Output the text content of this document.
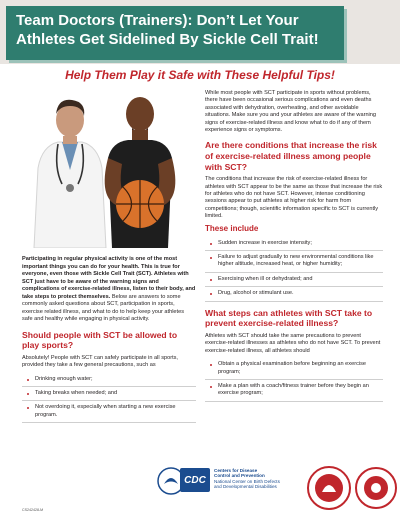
Team Doctors (Trainers): Don’t Let Your
Athletes Get Sidelined By Sickle Cell Trait!
Help Them Play it Safe with These Helpful Tips!

Participating in regular physical activity is one of the most important things you can do for your health. This is true for everyone, even those with Sickle Cell Trait (SCT). Athletes with SCT just have to be aware of the warning signs and complications of exercise-related illness, listen to their body, and take steps to protect themselves. Below are answers to some commonly asked questions about SCT, participation in sports, exercise related illness, and what to do to help keep your athletes safe and healthy while engaging in physical activity.

Should people with SCT be allowed to play sports?

Absolutely! People with SCT can safely participate in all sports, provided they take a few general precautions, such as

Drinking enough water;
Taking breaks when needed; and
Not overdoing it, especially when starting a new exercise program.

While most people with SCT participate in sports without problems, there have been occasional serious complications and even deaths associated with dehydration, overheating, and other avoidable situations. Make sure you and your athletes are aware of the warning signs of exercise-related illness and know what to do if any of them experience signs or symptoms.

Are there conditions that increase the risk of exercise-related illness among people with SCT?

The conditions that increase the risk of exercise-related illness for athletes with SCT appear to be the same as those that increase the risk for athletes who do not have SCT. However, intense conditioning sessions appear to put athletes at higher risk for harm from competitions; though, scientific information specific to SCT is currently limited.

These include
Sudden increase in exercise intensity;
Failure to adjust gradually to new environmental conditions like higher altitude, increased heat, or higher humidity;
Exercising when ill or dehydrated; and
Drug, alcohol or stimulant use.
What steps can athletes with SCT take to prevent exercise-related illness?

Athletes with SCT should take the same precautions to prevent exercise-related illnesses as athletes who do not have SCT. To prevent exercise-related illness, all athletes should

Obtain a physical examination before beginning an exercise program;
Make a plan with a coach/fitness trainer before they begin an exercise program;
CDC
Centers for Disease
Control and Prevention
National Center on Birth Defects
and Developmental Disabilities
CS242428-M
